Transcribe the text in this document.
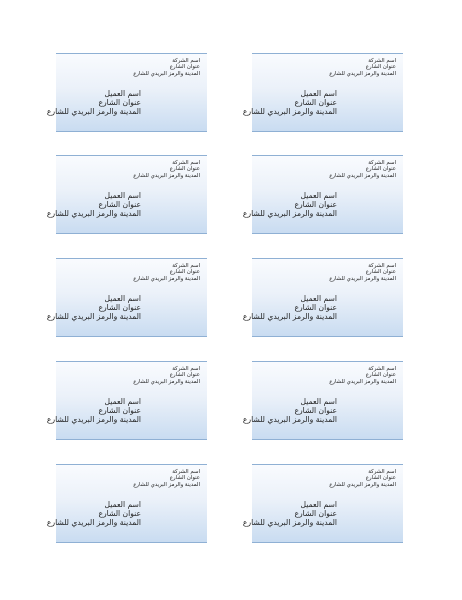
اسم الشركة
عنوان الشارع
المدينة والرمز البريدي للشارع
اسم العميل
عنوان الشارع
المدينة والرمز البريدي للشارع
اسم الشركة
عنوان الشارع
المدينة والرمز البريدي للشارع
اسم العميل
عنوان الشارع
المدينة والرمز البريدي للشارع
اسم الشركة
عنوان الشارع
المدينة والرمز البريدي للشارع
اسم العميل
عنوان الشارع
المدينة والرمز البريدي للشارع
اسم الشركة
عنوان الشارع
المدينة والرمز البريدي للشارع
اسم العميل
عنوان الشارع
المدينة والرمز البريدي للشارع
اسم الشركة
عنوان الشارع
المدينة والرمز البريدي للشارع
اسم العميل
عنوان الشارع
المدينة والرمز البريدي للشارع
اسم الشركة
عنوان الشارع
المدينة والرمز البريدي للشارع
اسم العميل
عنوان الشارع
المدينة والرمز البريدي للشارع
اسم الشركة
عنوان الشارع
المدينة والرمز البريدي للشارع
اسم العميل
عنوان الشارع
المدينة والرمز البريدي للشارع
اسم الشركة
عنوان الشارع
المدينة والرمز البريدي للشارع
اسم العميل
عنوان الشارع
المدينة والرمز البريدي للشارع
اسم الشركة
عنوان الشارع
المدينة والرمز البريدي للشارع
اسم العميل
عنوان الشارع
المدينة والرمز البريدي للشارع
اسم الشركة
عنوان الشارع
المدينة والرمز البريدي للشارع
اسم العميل
عنوان الشارع
المدينة والرمز البريدي للشارع
